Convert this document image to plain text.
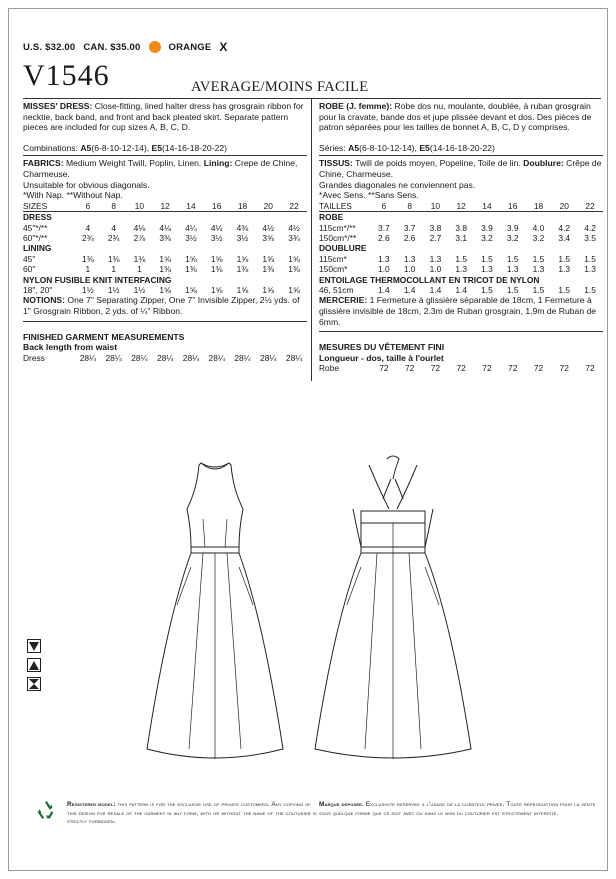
U.S. $32.00 CAN. $35.00	ORANGE X
V1546	AVERAGE/MOINS FACILE
MISSES' DRESS: Close-fitting, lined halter dress has grosgrain ribbon for necktie, back band, and front and back pleated skirt. Separate pattern pieces are included for cup sizes A, B, C, D.
Combinations: A5(6-8-10-12-14), E5(14-16-18-20-22)
FABRICS: Medium Weight Twill, Poplin, Linen. Lining: Crepe de Chine, Charmeuse.
Unsuitable for obvious diagonals.
*With Nap. **Without Nap.
SIZES	6	8	10	12	14	16	18	20	22
DRESS									
45"*/**	4	4	4⅛	4⅛	4¼	4¼	4⅜	4½	4½
60"*/**	2¾	2¾	2⅞	3⅜	3½	3½	3½	3⅝	3¾
LINING									
45"	1⅜	1⅜	1⅜	1⅝	1⅝	1⅝	1⅝	1⅝	1⅝
60"	1	1	1	1⅜	1⅜	1⅜	1⅜	1⅜	1⅜
NYLON FUSIBLE KNIT INTERFACING									
18", 20"	1½	1½	1½	1⅝	1⅝	1⅝	1⅝	1⅝	1⅝
NOTIONS: One 7" Separating Zipper, One 7" Invisible Zipper, 2½ yds. of 1" Grosgrain Ribbon, 2 yds. of ¼" Ribbon.
FINISHED GARMENT MEASUREMENTS
Back length from waist
Dress	28¼	28¼	28¼	28¼	28¼	28¼	28¼	28¼	28¼
ROBE (J. femme): Robe dos nu, moulante, doublée, à ruban grosgrain pour la cravate, bande dos et jupe plissée devant et dos. Des pièces de patron séparées pour les tailles de bonnet A, B, C, D y comprises.
Séries: A5(6-8-10-12-14), E5(14-16-18-20-22)
TISSUS: Twill de poids moyen, Popeline, Toile de lin. Doublure: Crêpe de Chine, Charmeuse.
Grandes diagonales ne conviennent pas.
*Avec Sens. **Sans Sens.
TAILLES	6	8	10	12	14	16	18	20	22
ROBE									
115cm*/**	3.7	3.7	3.8	3.8	3.9	3.9	4.0	4.2	4.2
150cm*/**	2.6	2.6	2.7	3.1	3.2	3.2	3.2	3.4	3.5
DOUBLURE									
115cm*	1.3	1.3	1.3	1.5	1.5	1.5	1.5	1.5	1.5
150cm*	1.0	1.0	1.0	1.3	1.3	1.3	1.3	1.3	1.3
ENTOILAGE THERMOCOLLANT EN TRICOT DE NYLON									
46, 51cm	1.4	1.4	1.4	1.4	1.5	1.5	1.5	1.5	1.5
MERCERIE: 1 Fermeture à glissière séparable de 18cm, 1 Fermeture à glissière invisible de 18cm, 2.3m de Ruban grosgrain, 1.9m de Ruban de 6mm.
MESURES DU VÊTEMENT FINI
Longueur - dos, taille à l'ourlet
Robe	72	72	72	72	72	72	72	72	72
Registered model: this pattern is for the exclusive use of private customers. Any copying of this design for resale of the garment in any form, with or without the name of the couturier is strictly forbidden.
Marque deposee. Exclusivite reservee a l'usage de la clientele privee. Toute reproduction pour la vente sous quelque forme que ce soit avec ou sans le nom du couturier est strictement interdite.
